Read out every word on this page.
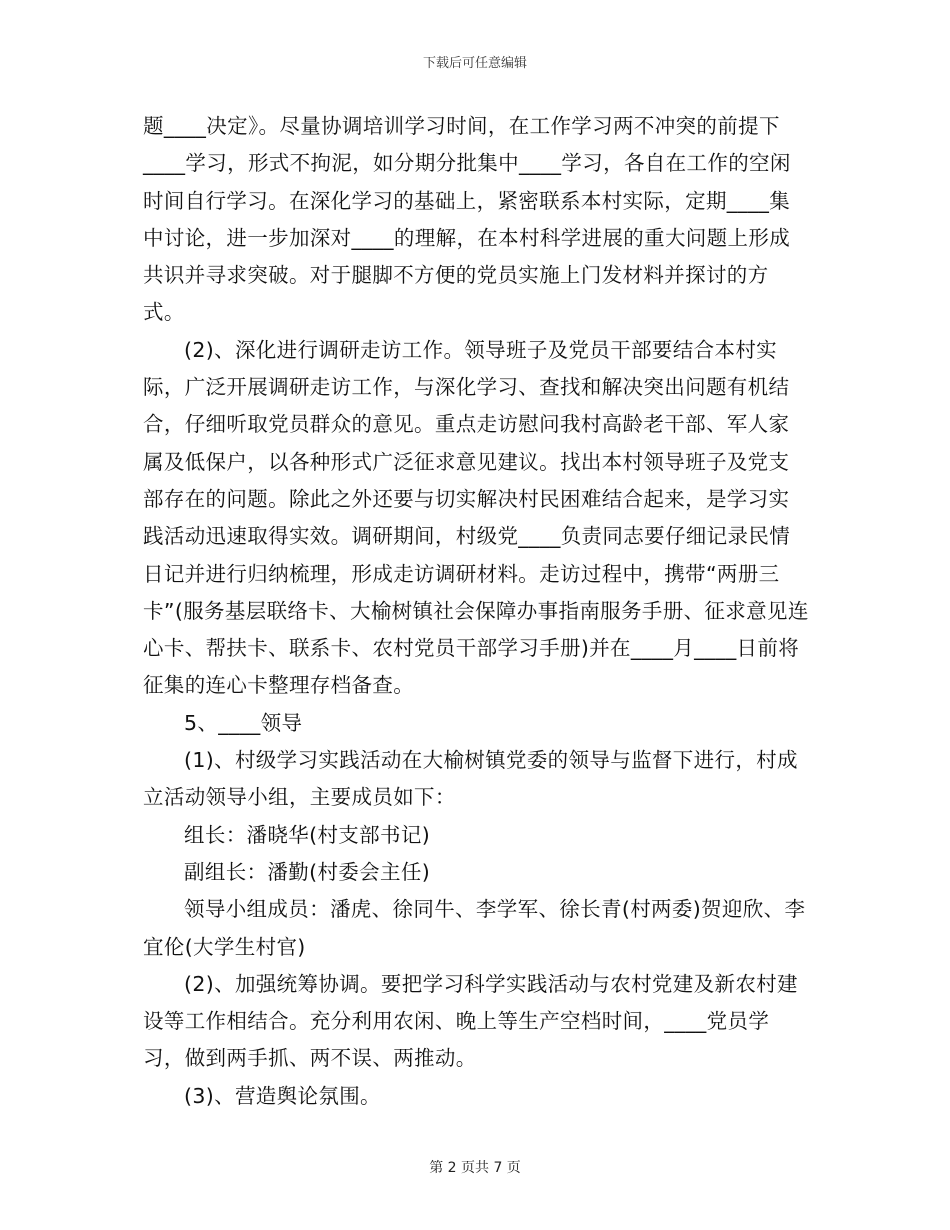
下载后可任意编辑

题____决定》。尽量协调培训学习时间，在工作学习两不冲突的前提下____学习，形式不拘泥，如分期分批集中____学习，各自在工作的空闲时间自行学习。在深化学习的基础上，紧密联系本村实际，定期____集中讨论，进一步加深对____的理解，在本村科学进展的重大问题上形成共识并寻求突破。对于腿脚不方便的党员实施上门发材料并探讨的方式。

(2)、深化进行调研走访工作。领导班子及党员干部要结合本村实际，广泛开展调研走访工作，与深化学习、查找和解决突出问题有机结合，仔细听取党员群众的意见。重点走访慰问我村高龄老干部、军人家属及低保户，以各种形式广泛征求意见建议。找出本村领导班子及党支部存在的问题。除此之外还要与切实解决村民困难结合起来，是学习实践活动迅速取得实效。调研期间，村级党____负责同志要仔细记录民情日记并进行归纳梳理，形成走访调研材料。走访过程中，携带“两册三卡”(服务基层联络卡、大榆树镇社会保障办事指南服务手册、征求意见连心卡、帮扶卡、联系卡、农村党员干部学习手册)并在____月____日前将征集的连心卡整理存档备查。

5、____领导

(1)、村级学习实践活动在大榆树镇党委的领导与监督下进行，村成立活动领导小组，主要成员如下：

组长：潘晓华(村支部书记)

副组长：潘勤(村委会主任)

领导小组成员：潘虎、徐同牛、李学军、徐长青(村两委)贺迎欣、李宜伦(大学生村官)

(2)、加强统筹协调。要把学习科学实践活动与农村党建及新农村建设等工作相结合。充分利用农闲、晚上等生产空档时间，____党员学习，做到两手抓、两不误、两推动。

(3)、营造舆论氛围。

第 2 页共 7 页
